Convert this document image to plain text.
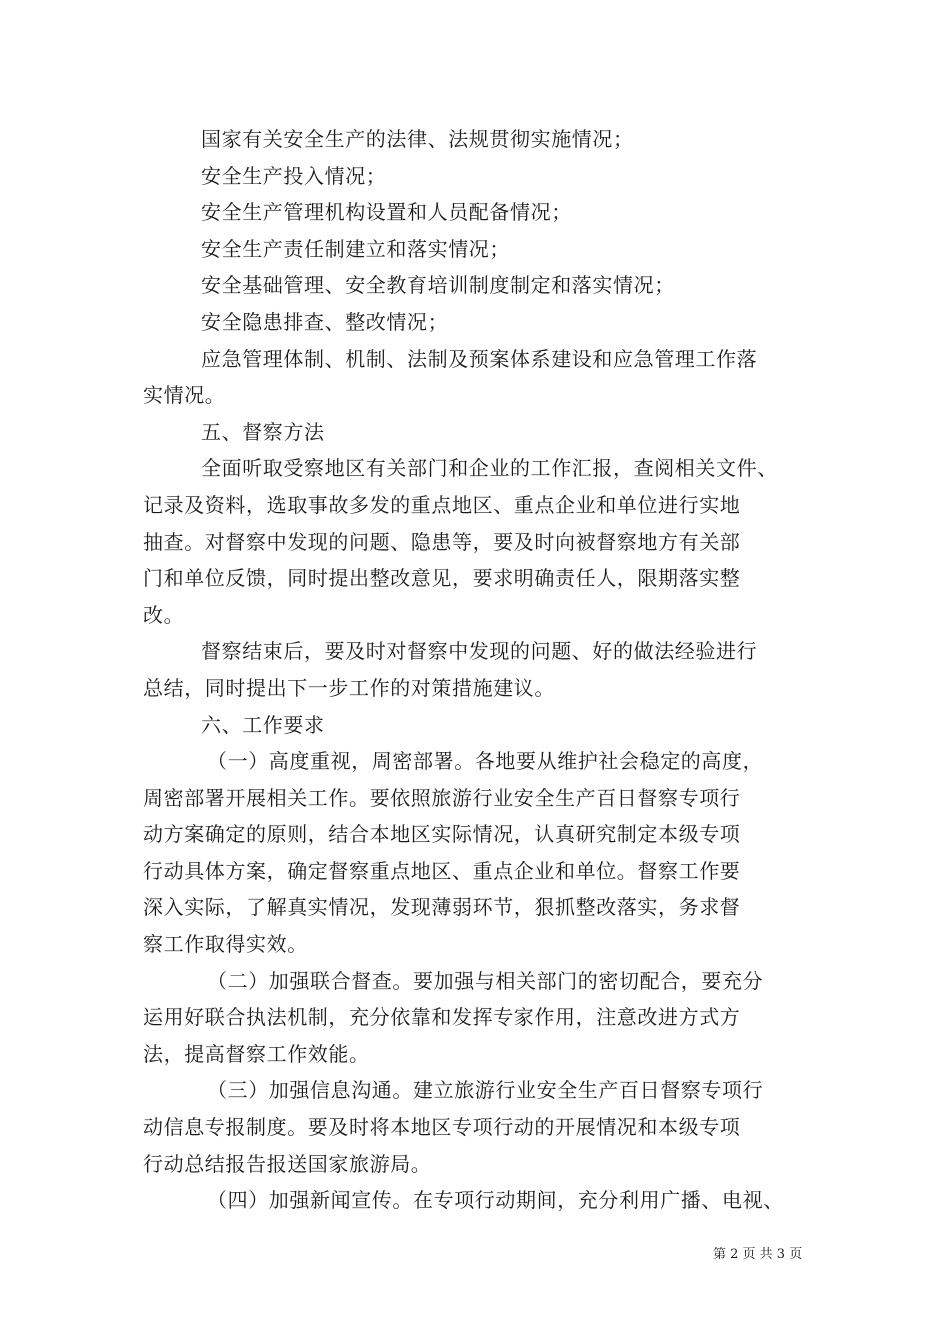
国家有关安全生产的法律、法规贯彻实施情况；
安全生产投入情况；
安全生产管理机构设置和人员配备情况；
安全生产责任制建立和落实情况；
安全基础管理、安全教育培训制度制定和落实情况；
安全隐患排查、整改情况；
应急管理体制、机制、法制及预案体系建设和应急管理工作落
实情况。
五、督察方法
全面听取受察地区有关部门和企业的工作汇报，查阅相关文件、
记录及资料，选取事故多发的重点地区、重点企业和单位进行实地
抽查。对督察中发现的问题、隐患等，要及时向被督察地方有关部
门和单位反馈，同时提出整改意见，要求明确责任人，限期落实整
改。
督察结束后，要及时对督察中发现的问题、好的做法经验进行
总结，同时提出下一步工作的对策措施建议。
六、工作要求
（一）高度重视，周密部署。各地要从维护社会稳定的高度，
周密部署开展相关工作。要依照旅游行业安全生产百日督察专项行
动方案确定的原则，结合本地区实际情况，认真研究制定本级专项
行动具体方案，确定督察重点地区、重点企业和单位。督察工作要
深入实际，了解真实情况，发现薄弱环节，狠抓整改落实，务求督
察工作取得实效。
（二）加强联合督查。要加强与相关部门的密切配合，要充分
运用好联合执法机制，充分依靠和发挥专家作用，注意改进方式方
法，提高督察工作效能。
（三）加强信息沟通。建立旅游行业安全生产百日督察专项行
动信息专报制度。要及时将本地区专项行动的开展情况和本级专项
行动总结报告报送国家旅游局。
（四）加强新闻宣传。在专项行动期间，充分利用广播、电视、
第 2 页 共 3 页
